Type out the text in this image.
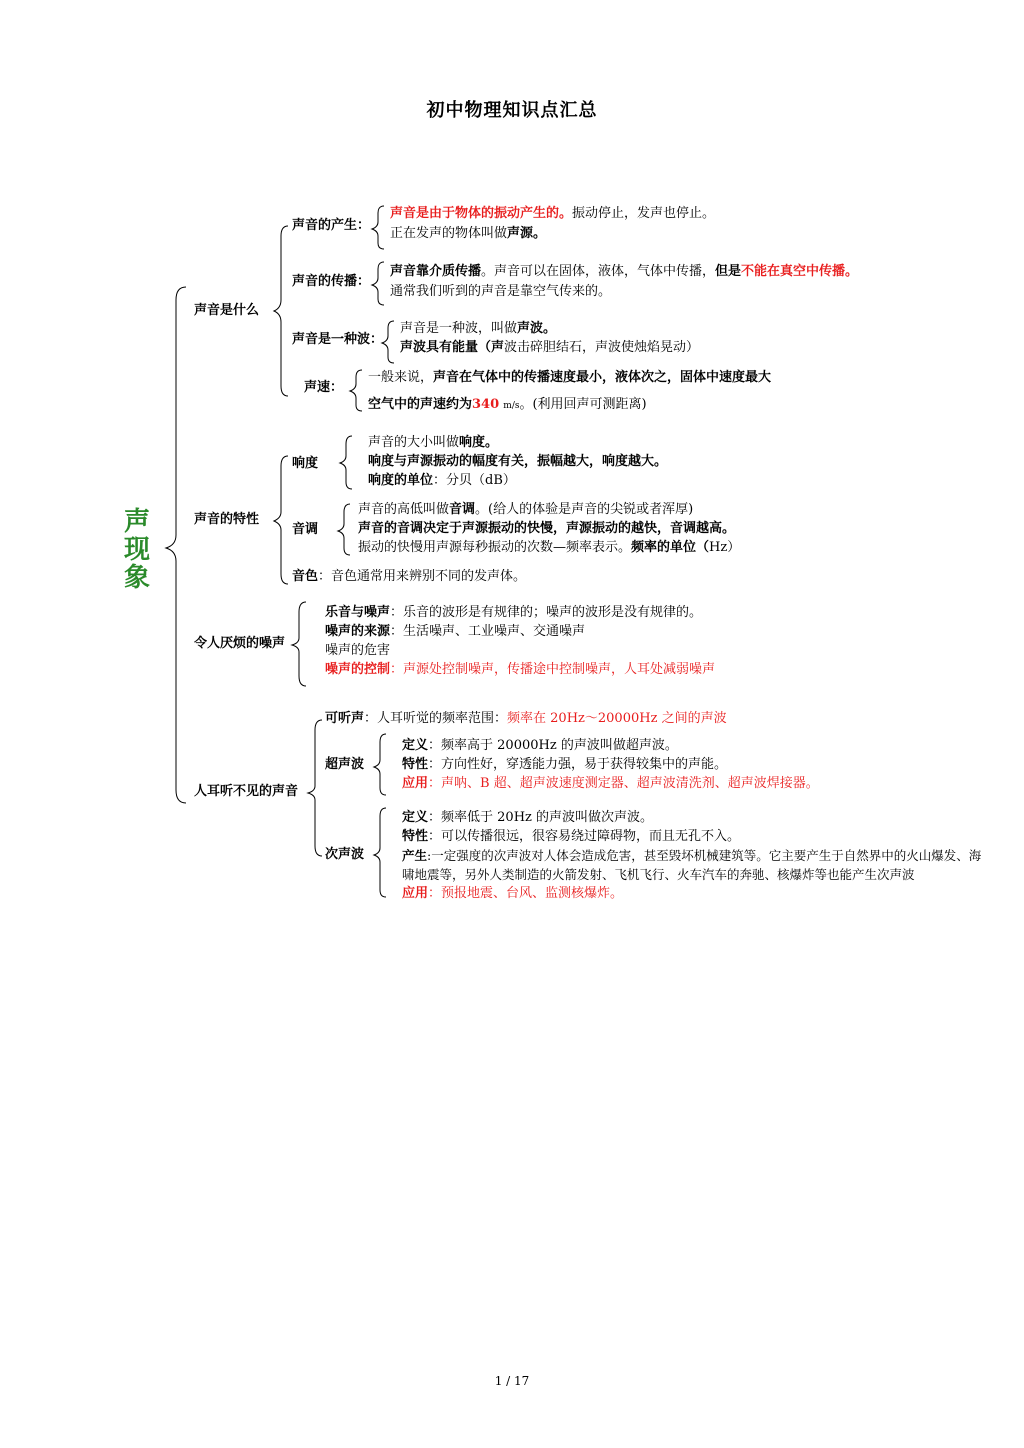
初中物理知识点汇总
声现象
声音是什么
声音的产生：
声音是由于物体的振动产生的。振动停止，发声也停止。
正在发声的物体叫做声源。
声音的传播：
声音靠介质传播。声音可以在固体，液体，气体中传播，但是不能在真空中传播。
通常我们听到的声音是靠空气传来的。
声音是一种波：
声音是一种波，叫做声波。
声波具有能量（声波击碎胆结石，声波使烛焰晃动）
声速：
一般来说，声音在气体中的传播速度最小，液体次之，固体中速度最大
空气中的声速约为340 m/s。(利用回声可测距离)
声音的特性
响度
声音的大小叫做响度。
响度与声源振动的幅度有关，振幅越大，响度越大。
响度的单位：分贝（dB）
音调
声音的高低叫做音调。(给人的体验是声音的尖锐或者浑厚)
声音的音调决定于声源振动的快慢，声源振动的越快，音调越高。
振动的快慢用声源每秒振动的次数—频率表示。频率的单位（Hz）
音色：音色通常用来辨别不同的发声体。
令人厌烦的噪声
乐音与噪声：乐音的波形是有规律的；噪声的波形是没有规律的。
噪声的来源：生活噪声、工业噪声、交通噪声
噪声的危害
噪声的控制：声源处控制噪声，传播途中控制噪声，人耳处减弱噪声
人耳听不见的声音
可听声：人耳听觉的频率范围：频率在 20Hz～20000Hz 之间的声波
超声波
定义：频率高于 20000Hz 的声波叫做超声波。
特性：方向性好，穿透能力强，易于获得较集中的声能。
应用：声呐、B 超、超声波速度测定器、超声波清洗剂、超声波焊接器。
次声波
定义：频率低于 20Hz 的声波叫做次声波。
特性：可以传播很远，很容易绕过障碍物，而且无孔不入。
产生:一定强度的次声波对人体会造成危害，甚至毁坏机械建筑等。它主要产生于自然界中的火山爆发、海
啸地震等，另外人类制造的火箭发射、飞机飞行、火车汽车的奔驰、核爆炸等也能产生次声波
应用：预报地震、台风、监测核爆炸。
1 / 17
